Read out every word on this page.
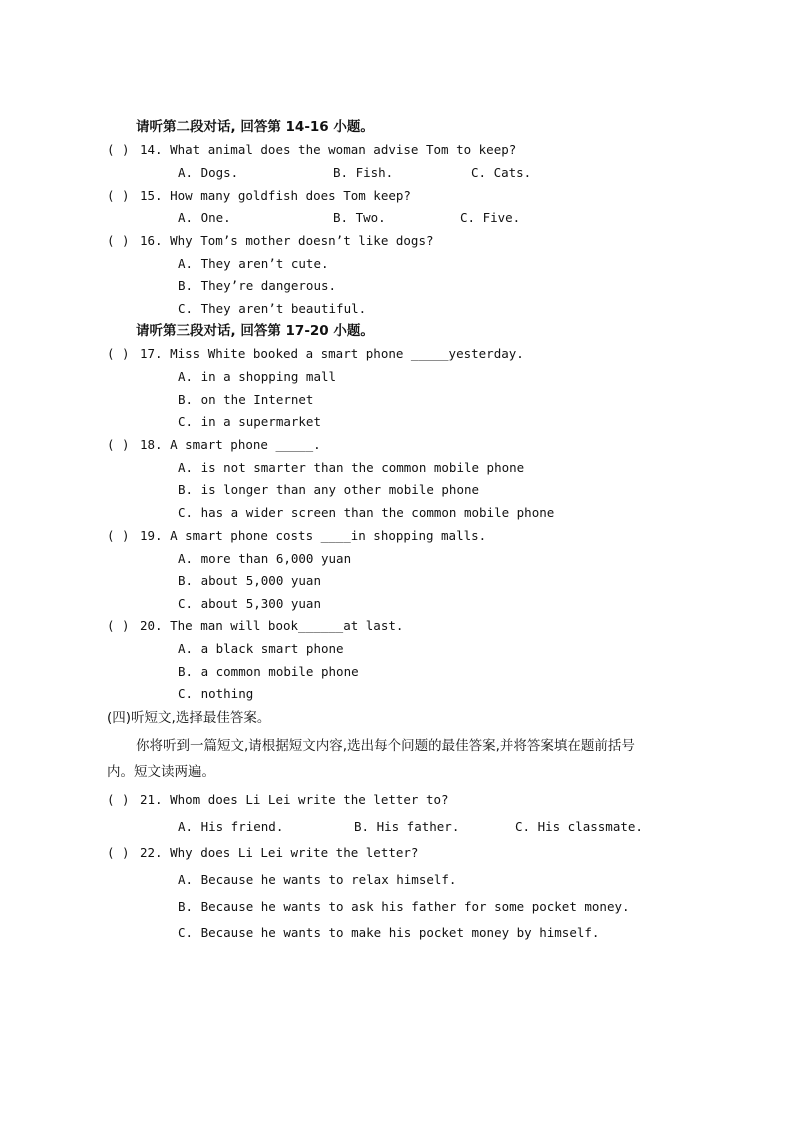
请听第二段对话, 回答第 14-16 小题。
( ) 14. What animal does the woman advise Tom to keep?
A. Dogs.	B. Fish.	C. Cats.
( ) 15. How many goldfish does Tom keep?
A. One.	B. Two.	C. Five.
( ) 16. Why Tom’s mother doesn’t like dogs?
A. They aren’t cute.
B. They’re dangerous.
C. They aren’t beautiful.
请听第三段对话, 回答第 17-20 小题。
( ) 17. Miss White booked a smart phone _____yesterday.
A. in a shopping mall
B. on the Internet
C. in a supermarket
( ) 18. A smart phone _____.
A. is not smarter than the common mobile phone
B. is longer than any other mobile phone
C. has a wider screen than the common mobile phone
( ) 19. A smart phone costs ____in shopping malls.
A. more than 6,000 yuan
B. about 5,000 yuan
C. about 5,300 yuan
( ) 20. The man will book______at last.
A. a black smart phone
B. a common mobile phone
C. nothing
(四)听短文,选择最佳答案。
你将听到一篇短文,请根据短文内容,选出每个问题的最佳答案,并将答案填在题前括号
内。短文读两遍。
( ) 21. Whom does Li Lei write the letter to?
A. His friend.	B. His father.	C. His classmate.
( ) 22. Why does Li Lei write the letter?
A. Because he wants to relax himself.
B. Because he wants to ask his father for some pocket money.
C. Because he wants to make his pocket money by himself.
